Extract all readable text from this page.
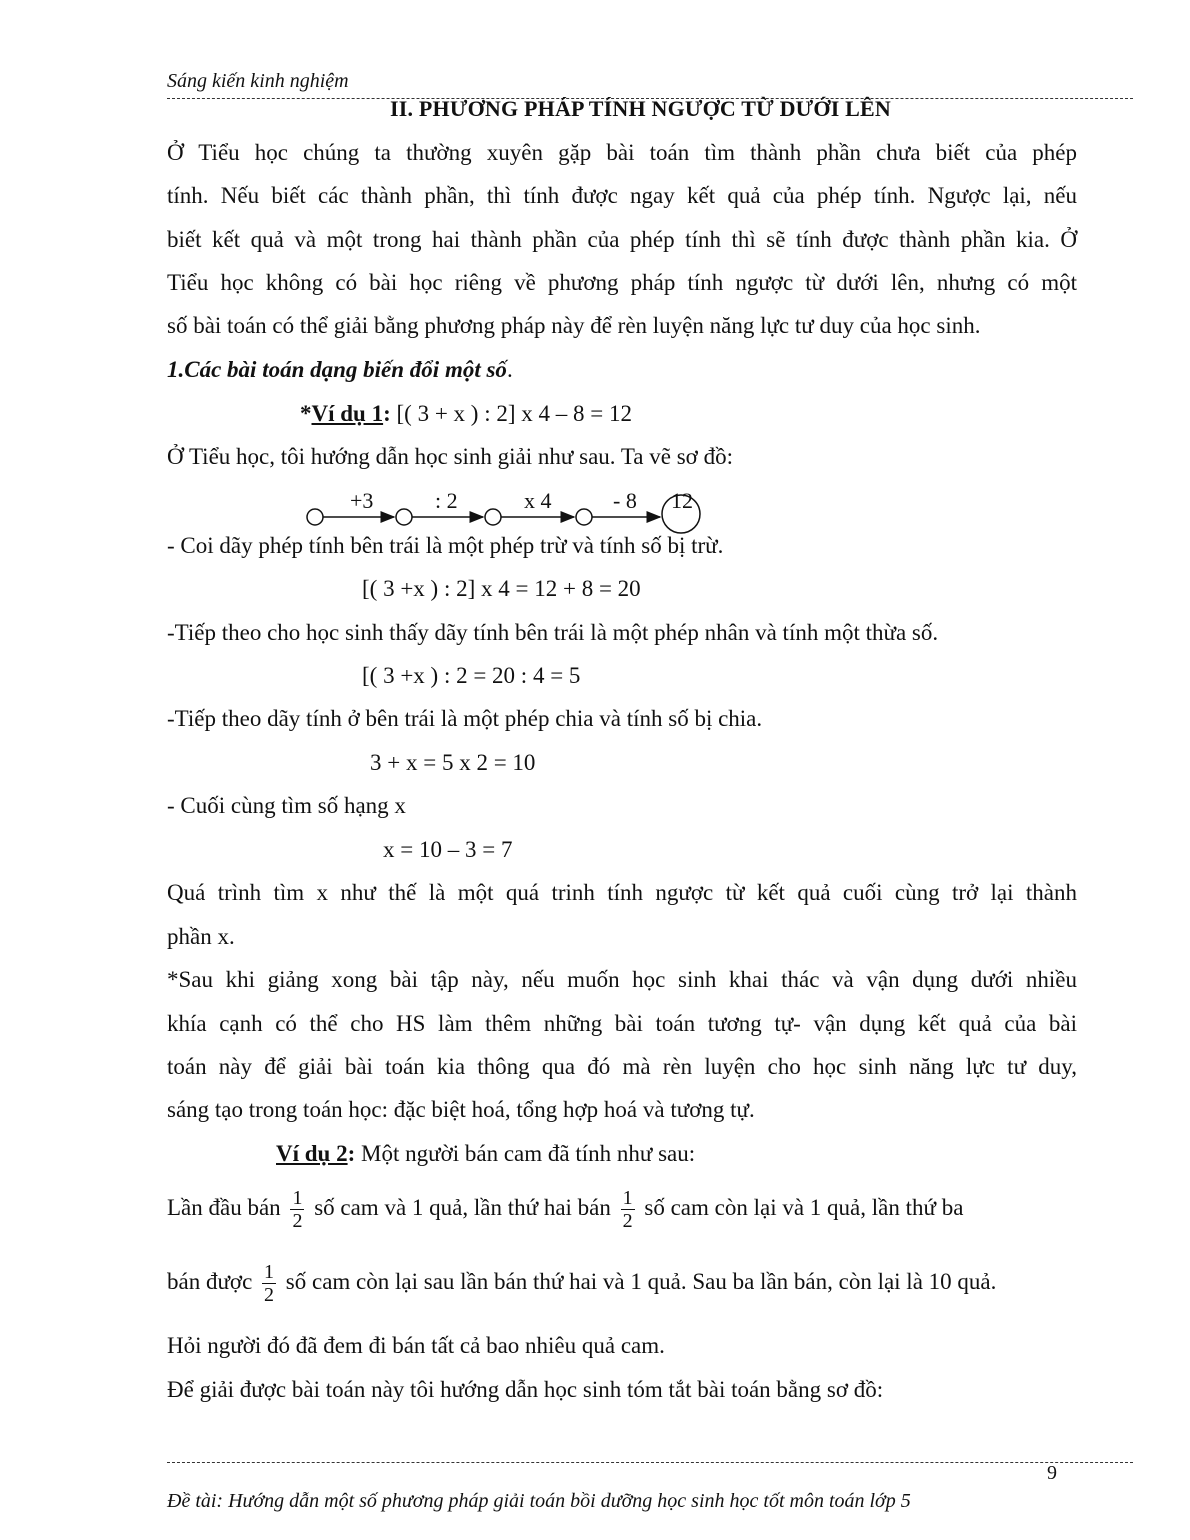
Sáng kiến kinh nghiệm
II. PHƯƠNG PHÁP TÍNH NGƯỢC TỪ DƯỚI LÊN
Ở Tiểu học chúng ta thường xuyên gặp bài toán tìm thành phần chưa biết của phép
tính. Nếu biết các thành phần, thì tính được ngay kết quả của phép tính. Ngược lại, nếu
biết kết quả và một trong hai thành phần của phép tính thì sẽ tính được thành phần kia. Ở
Tiểu học không có bài học riêng về phương pháp tính ngược từ dưới lên, nhưng có một
số bài toán có thể giải bằng phương pháp này để rèn luyện năng lực tư duy của học sinh.
1.Các bài toán dạng biến đổi một số.
*Ví dụ 1: [( 3 + x ) : 2] x 4 – 8 = 12
Ở Tiểu học, tôi hướng dẫn học sinh giải như sau. Ta vẽ sơ đồ:
+3	: 2	x 4	- 8 12
- Coi dãy phép tính bên trái là một phép trừ và tính số bị trừ.
[( 3 +x ) : 2] x 4 = 12 + 8 = 20
-Tiếp theo cho học sinh thấy dãy tính bên trái là một phép nhân và tính một thừa số.
[( 3 +x ) : 2 = 20 : 4 = 5
-Tiếp theo dãy tính ở bên trái là một phép chia và tính số bị chia.
3 + x = 5 x 2 = 10
- Cuối cùng tìm số hạng x
x = 10 – 3 = 7
Quá trình tìm x như thế là một quá trinh tính ngược từ kết quả cuối cùng trở lại thành
phần x.
*Sau khi giảng xong bài tập này, nếu muốn học sinh khai thác và vận dụng dưới nhiều
khía cạnh có thể cho HS làm thêm những bài toán tương tự- vận dụng kết quả của bài
toán này để giải bài toán kia thông qua đó mà rèn luyện cho học sinh năng lực tư duy,
sáng tạo trong toán học: đặc biệt hoá, tổng hợp hoá và tương tự.
Ví dụ 2: Một người bán cam đã tính như sau:
Lần đầu bán $\frac{1}{2}$ số cam và 1 quả, lần thứ hai bán $\frac{1}{2}$ số cam còn lại và 1 quả, lần thứ ba
bán được $\frac{1}{2}$ số cam còn lại sau lần bán thứ hai và 1 quả. Sau ba lần bán, còn lại là 10 quả.
Hỏi người đó đã đem đi bán tất cả bao nhiêu quả cam.
Để giải được bài toán này tôi hướng dẫn học sinh tóm tắt bài toán bằng sơ đồ:
9
Đề tài: Hướng dẫn một số phương pháp giải toán bồi dưỡng học sinh học tốt môn toán lớp 5
